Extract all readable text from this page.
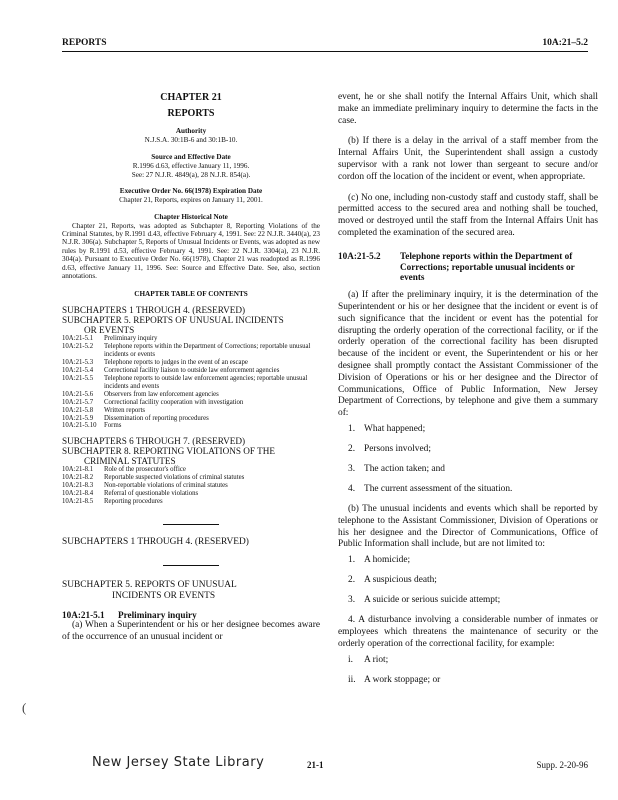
REPORTS	10A:21–5.2
CHAPTER 21
REPORTS
Authority
N.J.S.A. 30:1B-6 and 30:1B-10.
Source and Effective Date
R.1996 d.63, effective January 11, 1996.
See: 27 N.J.R. 4849(a), 28 N.J.R. 854(a).
Executive Order No. 66(1978) Expiration Date
Chapter 21, Reports, expires on January 11, 2001.
Chapter Historical Note
Chapter 21, Reports, was adopted as Subchapter 8, Reporting Violations of the Criminal Statutes, by R.1991 d.43, effective February 4, 1991. See: 22 N.J.R. 3440(a), 23 N.J.R. 306(a). Subchapter 5, Reports of Unusual Incidents or Events, was adopted as new rules by R.1991 d.53, effective February 4, 1991. See: 22 N.J.R. 3304(a), 23 N.J.R. 304(a). Pursuant to Executive Order No. 66(1978), Chapter 21 was readopted as R.1996 d.63, effective January 11, 1996. See: Source and Effective Date. See, also, section annotations.
CHAPTER TABLE OF CONTENTS
SUBCHAPTERS 1 THROUGH 4. (RESERVED)
SUBCHAPTER 5. REPORTS OF UNUSUAL INCIDENTS
OR EVENTS
10A:21-5.1	Preliminary inquiry
10A:21-5.2	Telephone reports within the Department of Corrections; reportable unusual incidents or events
10A:21-5.3	Telephone reports to judges in the event of an escape
10A:21-5.4	Correctional facility liaison to outside law enforcement agencies
10A:21-5.5	Telephone reports to outside law enforcement agencies; reportable unusual incidents and events
10A:21-5.6	Observers from law enforcement agencies
10A:21-5.7	Correctional facility cooperation with investigation
10A:21-5.8	Written reports
10A:21-5.9	Dissemination of reporting procedures
10A:21-5.10	Forms
SUBCHAPTERS 6 THROUGH 7. (RESERVED)
SUBCHAPTER 8. REPORTING VIOLATIONS OF THE
CRIMINAL STATUTES
10A:21-8.1	Role of the prosecutor's office
10A:21-8.2	Reportable suspected violations of criminal statutes
10A:21-8.3	Non-reportable violations of criminal statutes
10A:21-8.4	Referral of questionable violations
10A:21-8.5	Reporting procedures
SUBCHAPTERS 1 THROUGH 4. (RESERVED)
SUBCHAPTER 5. REPORTS OF UNUSUAL
INCIDENTS OR EVENTS
10A:21-5.1	Preliminary inquiry

(a) When a Superintendent or his or her designee becomes aware of the occurrence of an unusual incident or

event, he or she shall notify the Internal Affairs Unit, which shall make an immediate preliminary inquiry to determine the facts in the case.

(b) If there is a delay in the arrival of a staff member from the Internal Affairs Unit, the Superintendent shall assign a custody supervisor with a rank not lower than sergeant to secure and/or cordon off the location of the incident or event, when appropriate.

(c) No one, including non-custody staff and custody staff, shall be permitted access to the secured area and nothing shall be touched, moved or destroyed until the staff from the Internal Affairs Unit has completed the examination of the secured area.

10A:21-5.2	Telephone reports within the Department of Corrections; reportable unusual incidents or events

(a) If after the preliminary inquiry, it is the determination of the Superintendent or his or her designee that the incident or event is of such significance that the incident or event has the potential for disrupting the orderly operation of the correctional facility, or if the orderly operation of the correctional facility has been disrupted because of the incident or event, the Superintendent or his or her designee shall promptly contact the Assistant Commissioner of the Division of Operations or his or her designee and the Director of Communications, Office of Public Information, New Jersey Department of Corrections, by telephone and give them a summary of:

1. What happened;
2. Persons involved;
3. The action taken; and
4. The current assessment of the situation.

(b) The unusual incidents and events which shall be reported by telephone to the Assistant Commissioner, Division of Operations or his her designee and the Director of Communications, Office of Public Information shall include, but are not limited to:

1. A homicide;
2. A suspicious death;
3. A suicide or serious suicide attempt;

4. A disturbance involving a considerable number of inmates or employees which threatens the maintenance of security or the orderly operation of the correctional facility, for example:

i.	A riot;
ii. A work stoppage; or
(
New Jersey State Library	21-1	Supp. 2-20-96
